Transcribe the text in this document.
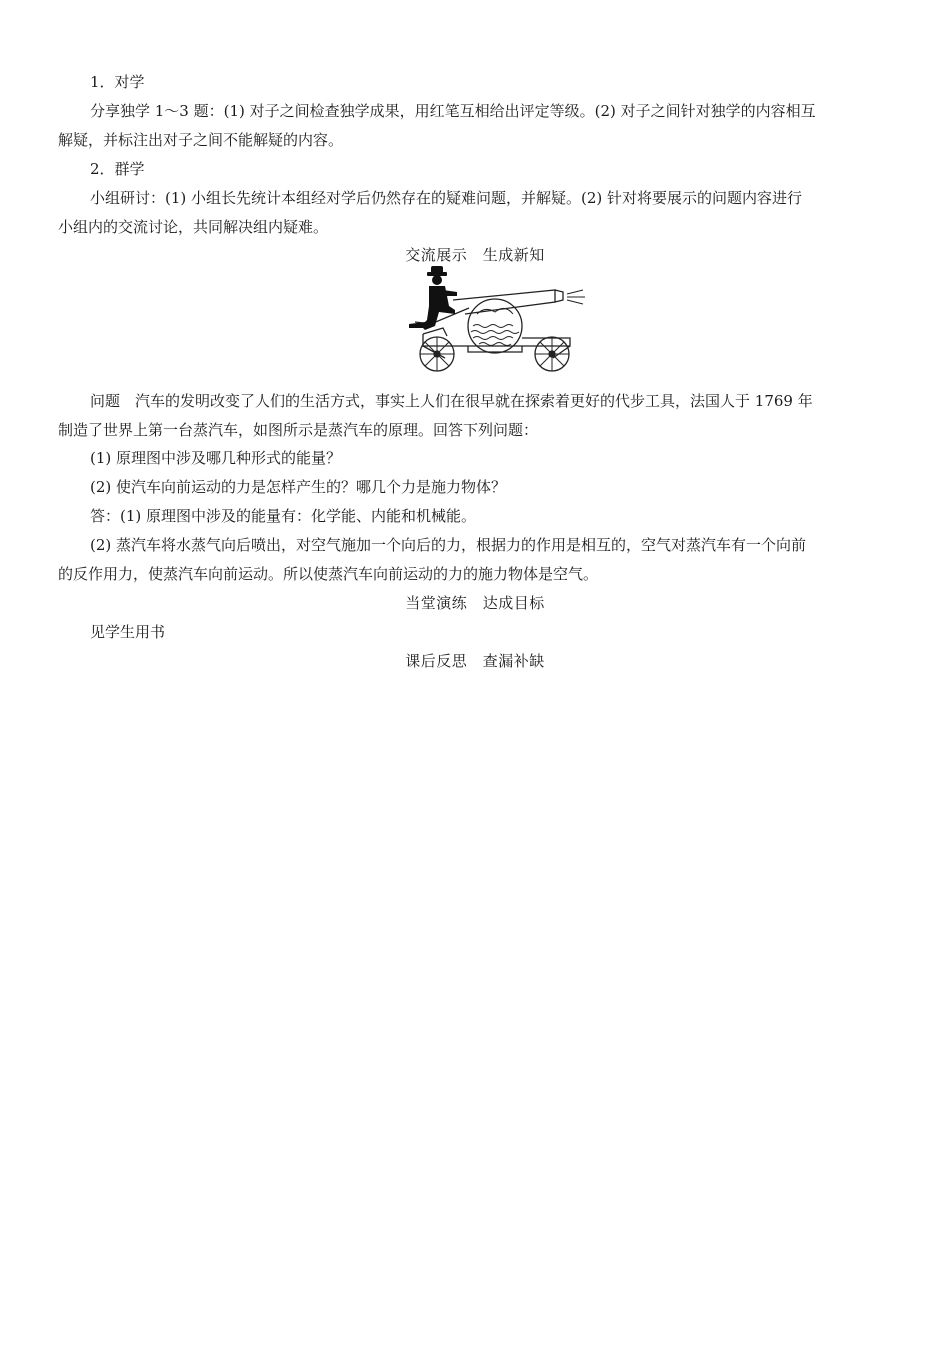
1．对学
分享独学 1～3 题：(1) 对子之间检查独学成果，用红笔互相给出评定等级。(2) 对子之间针对独学的内容相互
解疑，并标注出对子之间不能解疑的内容。
2．群学
小组研讨：(1) 小组长先统计本组经对学后仍然存在的疑难问题，并解疑。(2) 针对将要展示的问题内容进行
小组内的交流讨论，共同解决组内疑难。
交流展示　生成新知
问题　汽车的发明改变了人们的生活方式，事实上人们在很早就在探索着更好的代步工具，法国人于 1769 年
制造了世界上第一台蒸汽车，如图所示是蒸汽车的原理。回答下列问题：
(1) 原理图中涉及哪几种形式的能量？
(2) 使汽车向前运动的力是怎样产生的？哪几个力是施力物体？
答：(1) 原理图中涉及的能量有：化学能、内能和机械能。
(2) 蒸汽车将水蒸气向后喷出，对空气施加一个向后的力，根据力的作用是相互的，空气对蒸汽车有一个向前
的反作用力，使蒸汽车向前运动。所以使蒸汽车向前运动的力的施力物体是空气。
当堂演练　达成目标
见学生用书
课后反思　查漏补缺
